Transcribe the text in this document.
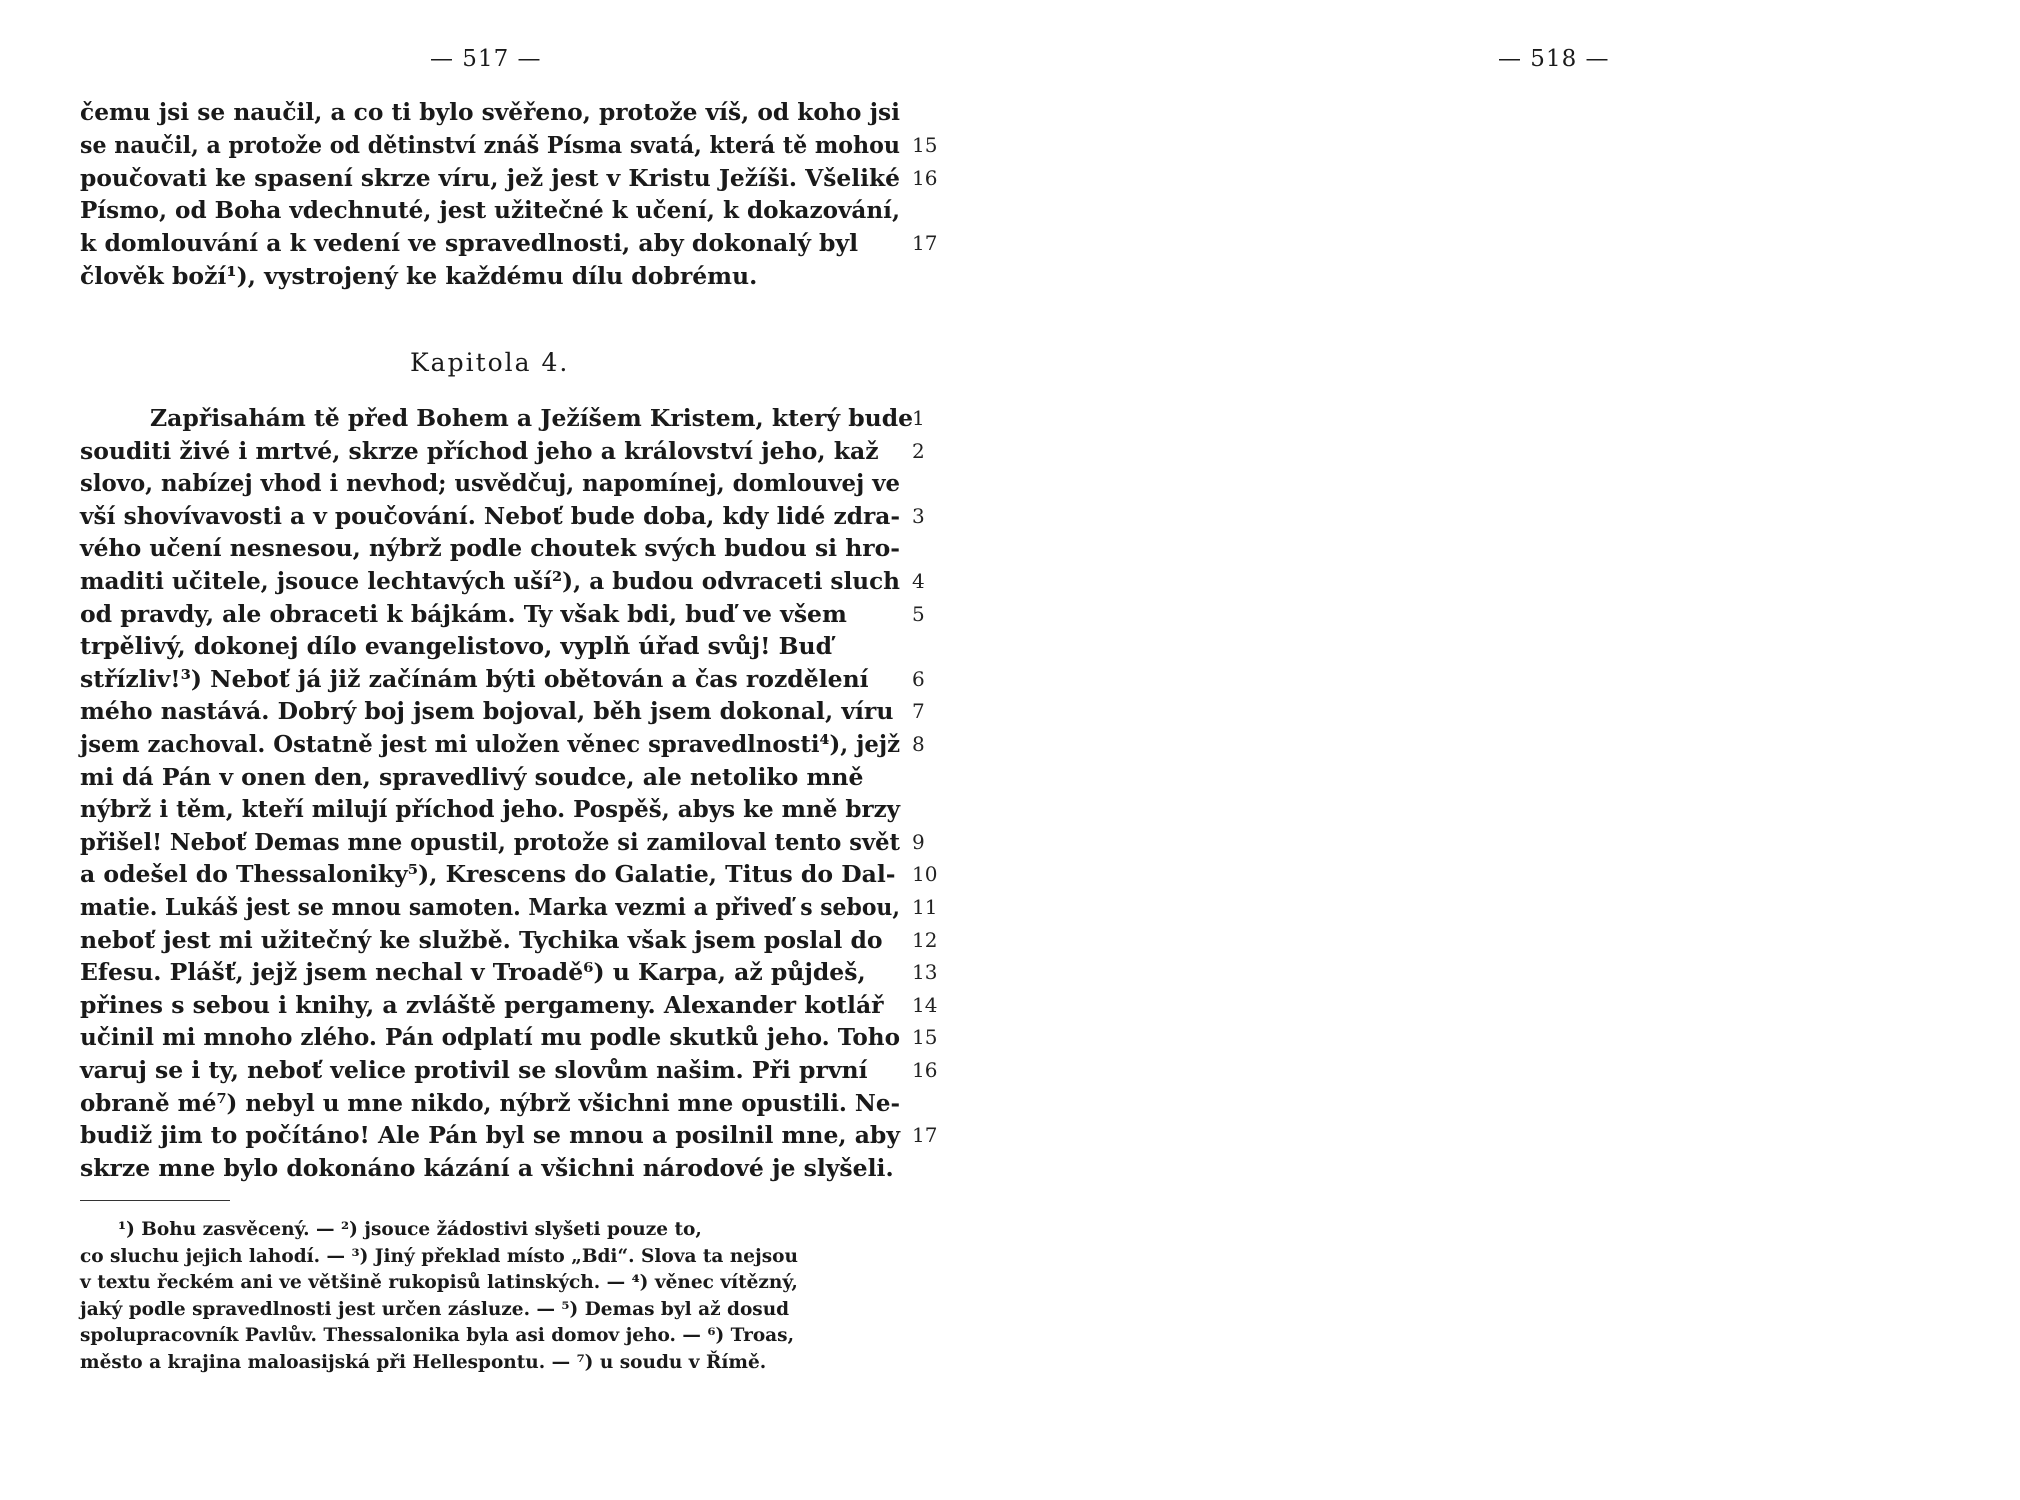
— 517 —
čemu jsi se naučil, a co ti bylo svěřeno, protože víš, od koho jsi
se naučil, a protože od dětinství znáš Písma svatá, která tě mohou
poučovati ke spasení skrze víru, jež jest v Kristu Ježíši. Všeliké
Písmo, od Boha vdechnuté, jest užitečné k učení, k dokazování,
k domlouvání a k vedení ve spravedlnosti, aby dokonalý byl
člověk boží¹), vystrojený ke každému dílu dobrému.
15
16
17
Kapitola 4.
Zapřisahám tě před Bohem a Ježíšem Kristem, který bude
souditi živé i mrtvé, skrze příchod jeho a království jeho, kaž
slovo, nabízej vhod i nevhod; usvědčuj, napomínej, domlouvej ve
vší shovívavosti a v poučování. Neboť bude doba, kdy lidé zdra-
vého učení nesnesou, nýbrž podle choutek svých budou si hro-
maditi učitele, jsouce lechtavých uší²), a budou odvraceti sluch
od pravdy, ale obraceti k bájkám. Ty však bdi, buď ve všem
trpělivý, dokonej dílo evangelistovo, vyplň úřad svůj! Buď
střízliv!³) Neboť já již začínám býti obětován a čas rozdělení
mého nastává. Dobrý boj jsem bojoval, běh jsem dokonal, víru
jsem zachoval. Ostatně jest mi uložen věnec spravedlnosti⁴), jejž
mi dá Pán v onen den, spravedlivý soudce, ale netoliko mně
nýbrž i těm, kteří milují příchod jeho. Pospěš, abys ke mně brzy
přišel! Neboť Demas mne opustil, protože si zamiloval tento svět
a odešel do Thessaloniky⁵), Krescens do Galatie, Titus do Dal-
matie. Lukáš jest se mnou samoten. Marka vezmi a přiveď s sebou,
neboť jest mi užitečný ke službě. Tychika však jsem poslal do
Efesu. Plášť, jejž jsem nechal v Troadě⁶) u Karpa, až půjdeš,
přines s sebou i knihy, a zvláště pergameny. Alexander kotlář
učinil mi mnoho zlého. Pán odplatí mu podle skutků jeho. Toho
varuj se i ty, neboť velice protivil se slovům našim. Při první
obraně mé⁷) nebyl u mne nikdo, nýbrž všichni mne opustili. Ne-
budiž jim to počítáno! Ale Pán byl se mnou a posilnil mne, aby
skrze mne bylo dokonáno kázání a všichni národové je slyšeli.
1
2
3
4
5
6
7
8
9
10
11
12
13
14
15
16
17
¹) Bohu zasvěcený. — ²) jsouce žádostivi slyšeti pouze to,
co sluchu jejich lahodí. — ³) Jiný překlad místo „Bdi“. Slova ta nejsou
v textu řeckém ani ve většině rukopisů latinských. — ⁴) věnec vítězný,
jaký podle spravedlnosti jest určen zásluze. — ⁵) Demas byl až dosud
spolupracovník Pavlův. Thessalonika byla asi domov jeho. — ⁶) Troas,
město a krajina maloasijská při Hellespontu. — ⁷) u soudu v Římě.
— 518 —
